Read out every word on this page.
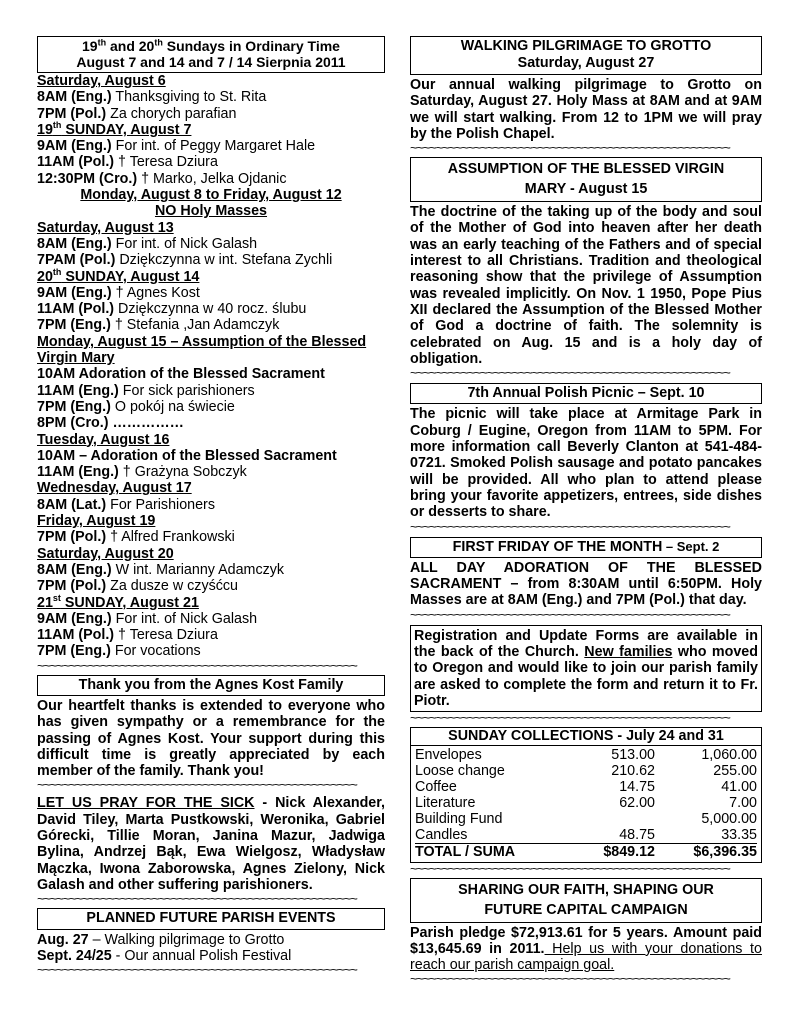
19th and 20th Sundays in Ordinary Time
August 7 and 14 and 7 / 14 Sierpnia 2011
Saturday, August 6
8AM (Eng.) Thanksgiving to St. Rita
7PM (Pol.) Za chorych parafian
19th SUNDAY, August 7
9AM (Eng.) For int. of Peggy Margaret Hale
11AM (Pol.) † Teresa Dziura
12:30PM (Cro.) † Marko, Jelka Ojdanic
Monday, August 8 to Friday, August 12
NO Holy Masses
Saturday, August 13
8AM (Eng.) For int. of Nick Galash
7PAM (Pol.) Dziękczynna w int. Stefana Zychli
20th SUNDAY, August 14
9AM (Eng.) † Agnes Kost
11AM (Pol.) Dziękczynna w 40 rocz. ślubu
7PM (Eng.) † Stefania ,Jan Adamczyk
Monday, August 15 – Assumption of the Blessed
Virgin Mary
10AM Adoration of the Blessed Sacrament
11AM (Eng.) For sick parishioners
7PM (Eng.) O pokój na świecie
8PM (Cro.) ……………
Tuesday, August 16
10AM – Adoration of the Blessed Sacrament
11AM (Eng.) † Grażyna Sobczyk
Wednesday, August 17
8AM (Lat.) For Parishioners
Friday, August 19
7PM (Pol.) † Alfred Frankowski
Saturday, August 20
8AM (Eng.) W int. Marianny Adamczyk
7PM (Pol.) Za dusze w czyśćcu
21st SUNDAY, August 21
9AM (Eng.) For int. of Nick Galash
11AM (Pol.) † Teresa Dziura
7PM (Eng.) For vocations
~~~~~~~~~~~~~~~~~~~~~~~~~~~~~~~~~~~~~~~~~~~~~~~~~~
Thank you from the Agnes Kost Family
Our heartfelt thanks is extended to everyone who has given sympathy or a remembrance for the passing of Agnes Kost. Your support during this difficult time is greatly appreciated by each member of the family. Thank you!
~~~~~~~~~~~~~~~~~~~~~~~~~~~~~~~~~~~~~~~~~~~~~~~~~~
LET US PRAY FOR THE SICK - Nick Alexander, David Tiley, Marta Pustkowski, Weronika, Gabriel Górecki, Tillie Moran, Janina Mazur, Jadwiga Bylina, Andrzej Bąk, Ewa Wielgosz, Władysław Mączka, Iwona Zaborowska, Agnes Zielony, Nick Galash and other suffering parishioners.
~~~~~~~~~~~~~~~~~~~~~~~~~~~~~~~~~~~~~~~~~~~~~~~~~~
PLANNED FUTURE PARISH EVENTS
Aug. 27 – Walking pilgrimage to Grotto
Sept. 24/25 - Our annual Polish Festival
~~~~~~~~~~~~~~~~~~~~~~~~~~~~~~~~~~~~~~~~~~~~~~~~~~
WALKING PILGRIMAGE TO GROTTO
Saturday, August 27
Our annual walking pilgrimage to Grotto on Saturday, August 27. Holy Mass at 8AM and at 9AM we will start walking. From 12 to 1PM we will pray by the Polish Chapel.
~~~~~~~~~~~~~~~~~~~~~~~~~~~~~~~~~~~~~~~~~~~~~~~~~~
ASSUMPTION OF THE BLESSED VIRGIN
MARY - August 15
The doctrine of the taking up of the body and soul of the Mother of God into heaven after her death was an early teaching of the Fathers and of special interest to all Christians. Tradition and theological reasoning show that the privilege of Assumption was revealed implicitly. On Nov. 1 1950, Pope Pius XII declared the Assumption of the Blessed Mother of God a doctrine of faith. The solemnity is celebrated on Aug. 15 and is a holy day of obligation.
~~~~~~~~~~~~~~~~~~~~~~~~~~~~~~~~~~~~~~~~~~~~~~~~~~
7th Annual Polish Picnic – Sept. 10
The picnic will take place at Armitage Park in Coburg / Eugine, Oregon from 11AM to 5PM. For more information call Beverly Clanton at 541-484-0721. Smoked Polish sausage and potato pancakes will be provided. All who plan to attend please bring your favorite appetizers, entrees, side dishes or desserts to share.
~~~~~~~~~~~~~~~~~~~~~~~~~~~~~~~~~~~~~~~~~~~~~~~~~~
FIRST FRIDAY OF THE MONTH – Sept. 2
ALL DAY ADORATION OF THE BLESSED SACRAMENT – from 8:30AM until 6:50PM. Holy Masses are at 8AM (Eng.) and 7PM (Pol.) that day.
~~~~~~~~~~~~~~~~~~~~~~~~~~~~~~~~~~~~~~~~~~~~~~~~~~
Registration and Update Forms are available in the back of the Church. New families who moved to Oregon and would like to join our parish family are asked to complete the form and return it to Fr. Piotr.
~~~~~~~~~~~~~~~~~~~~~~~~~~~~~~~~~~~~~~~~~~~~~~~~~~
SUNDAY COLLECTIONS - July 24 and 31
Envelopes	513.00	1,060.00
Loose change	210.62	255.00
Coffee	14.75	41.00
Literature	62.00	7.00
Building Fund		5,000.00
Candles	48.75	33.35
TOTAL / SUMA	$849.12	$6,396.35
~~~~~~~~~~~~~~~~~~~~~~~~~~~~~~~~~~~~~~~~~~~~~~~~~~
SHARING OUR FAITH, SHAPING OUR
FUTURE CAPITAL CAMPAIGN
Parish pledge $72,913.61 for 5 years. Amount paid $13,645.69 in 2011. Help us with your donations to reach our parish campaign goal.
~~~~~~~~~~~~~~~~~~~~~~~~~~~~~~~~~~~~~~~~~~~~~~~~~~
